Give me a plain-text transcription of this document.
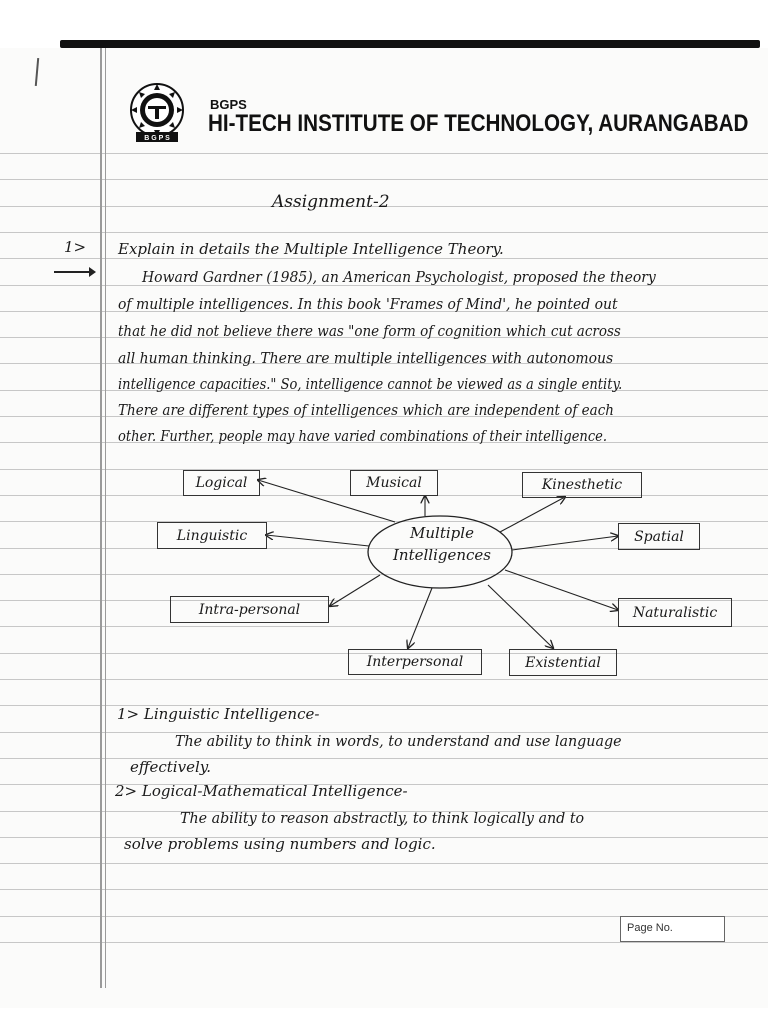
B G P S
BGPS
HI-TECH INSTITUTE OF TECHNOLOGY, AURANGABAD
Assignment-2
1> Explain in details the Multiple Intelligence Theory.
Howard Gardner (1985), an American Psychologist, proposed the theory
of multiple intelligences. In this book 'Frames of Mind', he pointed out
that he did not believe there was "one form of cognition which cut across
all human thinking. There are multiple intelligences with autonomous
intelligence capacities." So, intelligence cannot be viewed as a single entity.
There are different types of intelligences which are independent of each
other. Further, people may have varied combinations of their intelligence.
Multiple
Intelligences
Logical	Musical	Kinesthetic
Linguistic	Spatial
Intra-personal	Naturalistic
Interpersonal	Existential
1> Linguistic Intelligence-
The ability to think in words, to understand and use language
effectively.
2> Logical-Mathematical Intelligence-
The ability to reason abstractly, to think logically and to
solve problems using numbers and logic.
Page No.
